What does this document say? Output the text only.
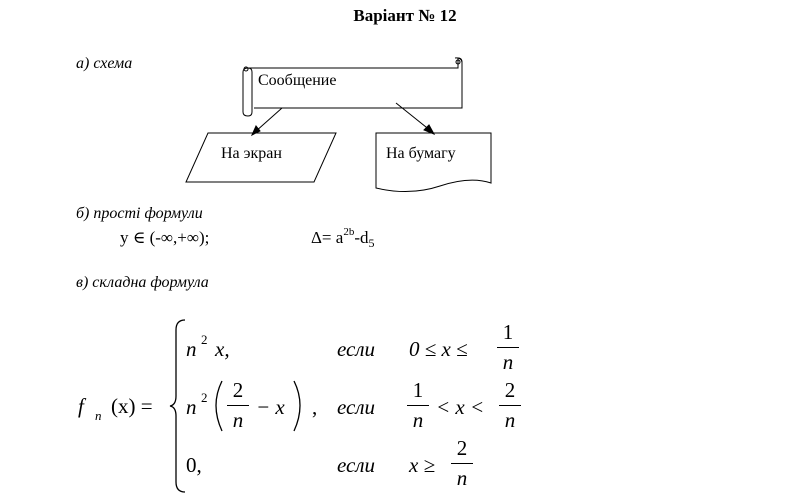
Варіант № 12
а) схема
Сообщение
На экран	На бумагу
б) прості формули
y ∈ (-∞,+∞);	$\Delta= a^{2b}-d_5$
в) складна формула
f n (x) =
n 2 x,	если 0 ≤ x ≤
1
n
n 2 2
n
− x , если
1
n
< x <
2
n
0,	если x ≥
2
n
